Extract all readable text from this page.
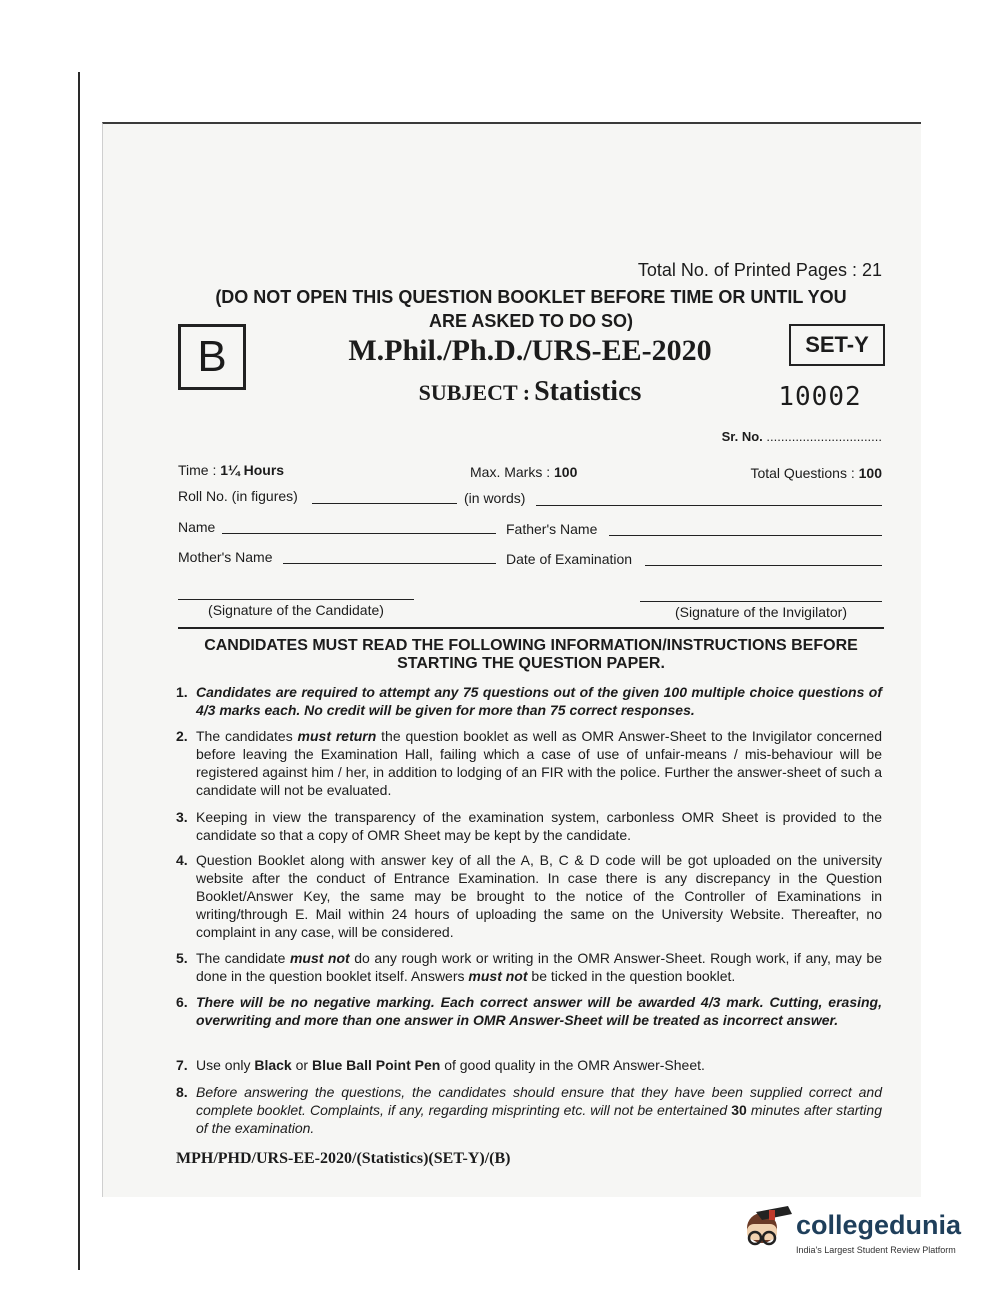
Total No. of Printed Pages : 21
(DO NOT OPEN THIS QUESTION BOOKLET BEFORE TIME OR UNTIL YOU
ARE ASKED TO DO SO)
B	SET-Y
M.Phil./Ph.D./URS-EE-2020
SUBJECT : Statistics	10002
Sr. No. ................................
Time : 1¼ Hours	Max. Marks : 100	Total Questions : 100
Roll No. (in figures)	(in words)
Name	Father's Name
Mother's Name	Date of Examination
(Signature of the Candidate)	(Signature of the Invigilator)
CANDIDATES MUST READ THE FOLLOWING INFORMATION/INSTRUCTIONS BEFORE
STARTING THE QUESTION PAPER.
1. Candidates are required to attempt any 75 questions out of the given 100 multiple choice questions of 4/3 marks each. No credit will be given for more than 75 correct responses.
2. The candidates must return the question booklet as well as OMR Answer-Sheet to the Invigilator concerned before leaving the Examination Hall, failing which a case of use of unfair-means / mis-behaviour will be registered against him / her, in addition to lodging of an FIR with the police. Further the answer-sheet of such a candidate will not be evaluated.
3. Keeping in view the transparency of the examination system, carbonless OMR Sheet is provided to the candidate so that a copy of OMR Sheet may be kept by the candidate.
4. Question Booklet along with answer key of all the A, B, C & D code will be got uploaded on the university website after the conduct of Entrance Examination. In case there is any discrepancy in the Question Booklet/Answer Key, the same may be brought to the notice of the Controller of Examinations in writing/through E. Mail within 24 hours of uploading the same on the University Website. Thereafter, no complaint in any case, will be considered.
5. The candidate must not do any rough work or writing in the OMR Answer-Sheet. Rough work, if any, may be done in the question booklet itself. Answers must not be ticked in the question booklet.
6. There will be no negative marking. Each correct answer will be awarded 4/3 mark. Cutting, erasing, overwriting and more than one answer in OMR Answer-Sheet will be treated as incorrect answer.
7. Use only Black or Blue Ball Point Pen of good quality in the OMR Answer-Sheet.
8. Before answering the questions, the candidates should ensure that they have been supplied correct and complete booklet. Complaints, if any, regarding misprinting etc. will not be entertained 30 minutes after starting of the examination.
MPH/PHD/URS-EE-2020/(Statistics)(SET-Y)/(B)
collegedunia
India's Largest Student Review Platform
